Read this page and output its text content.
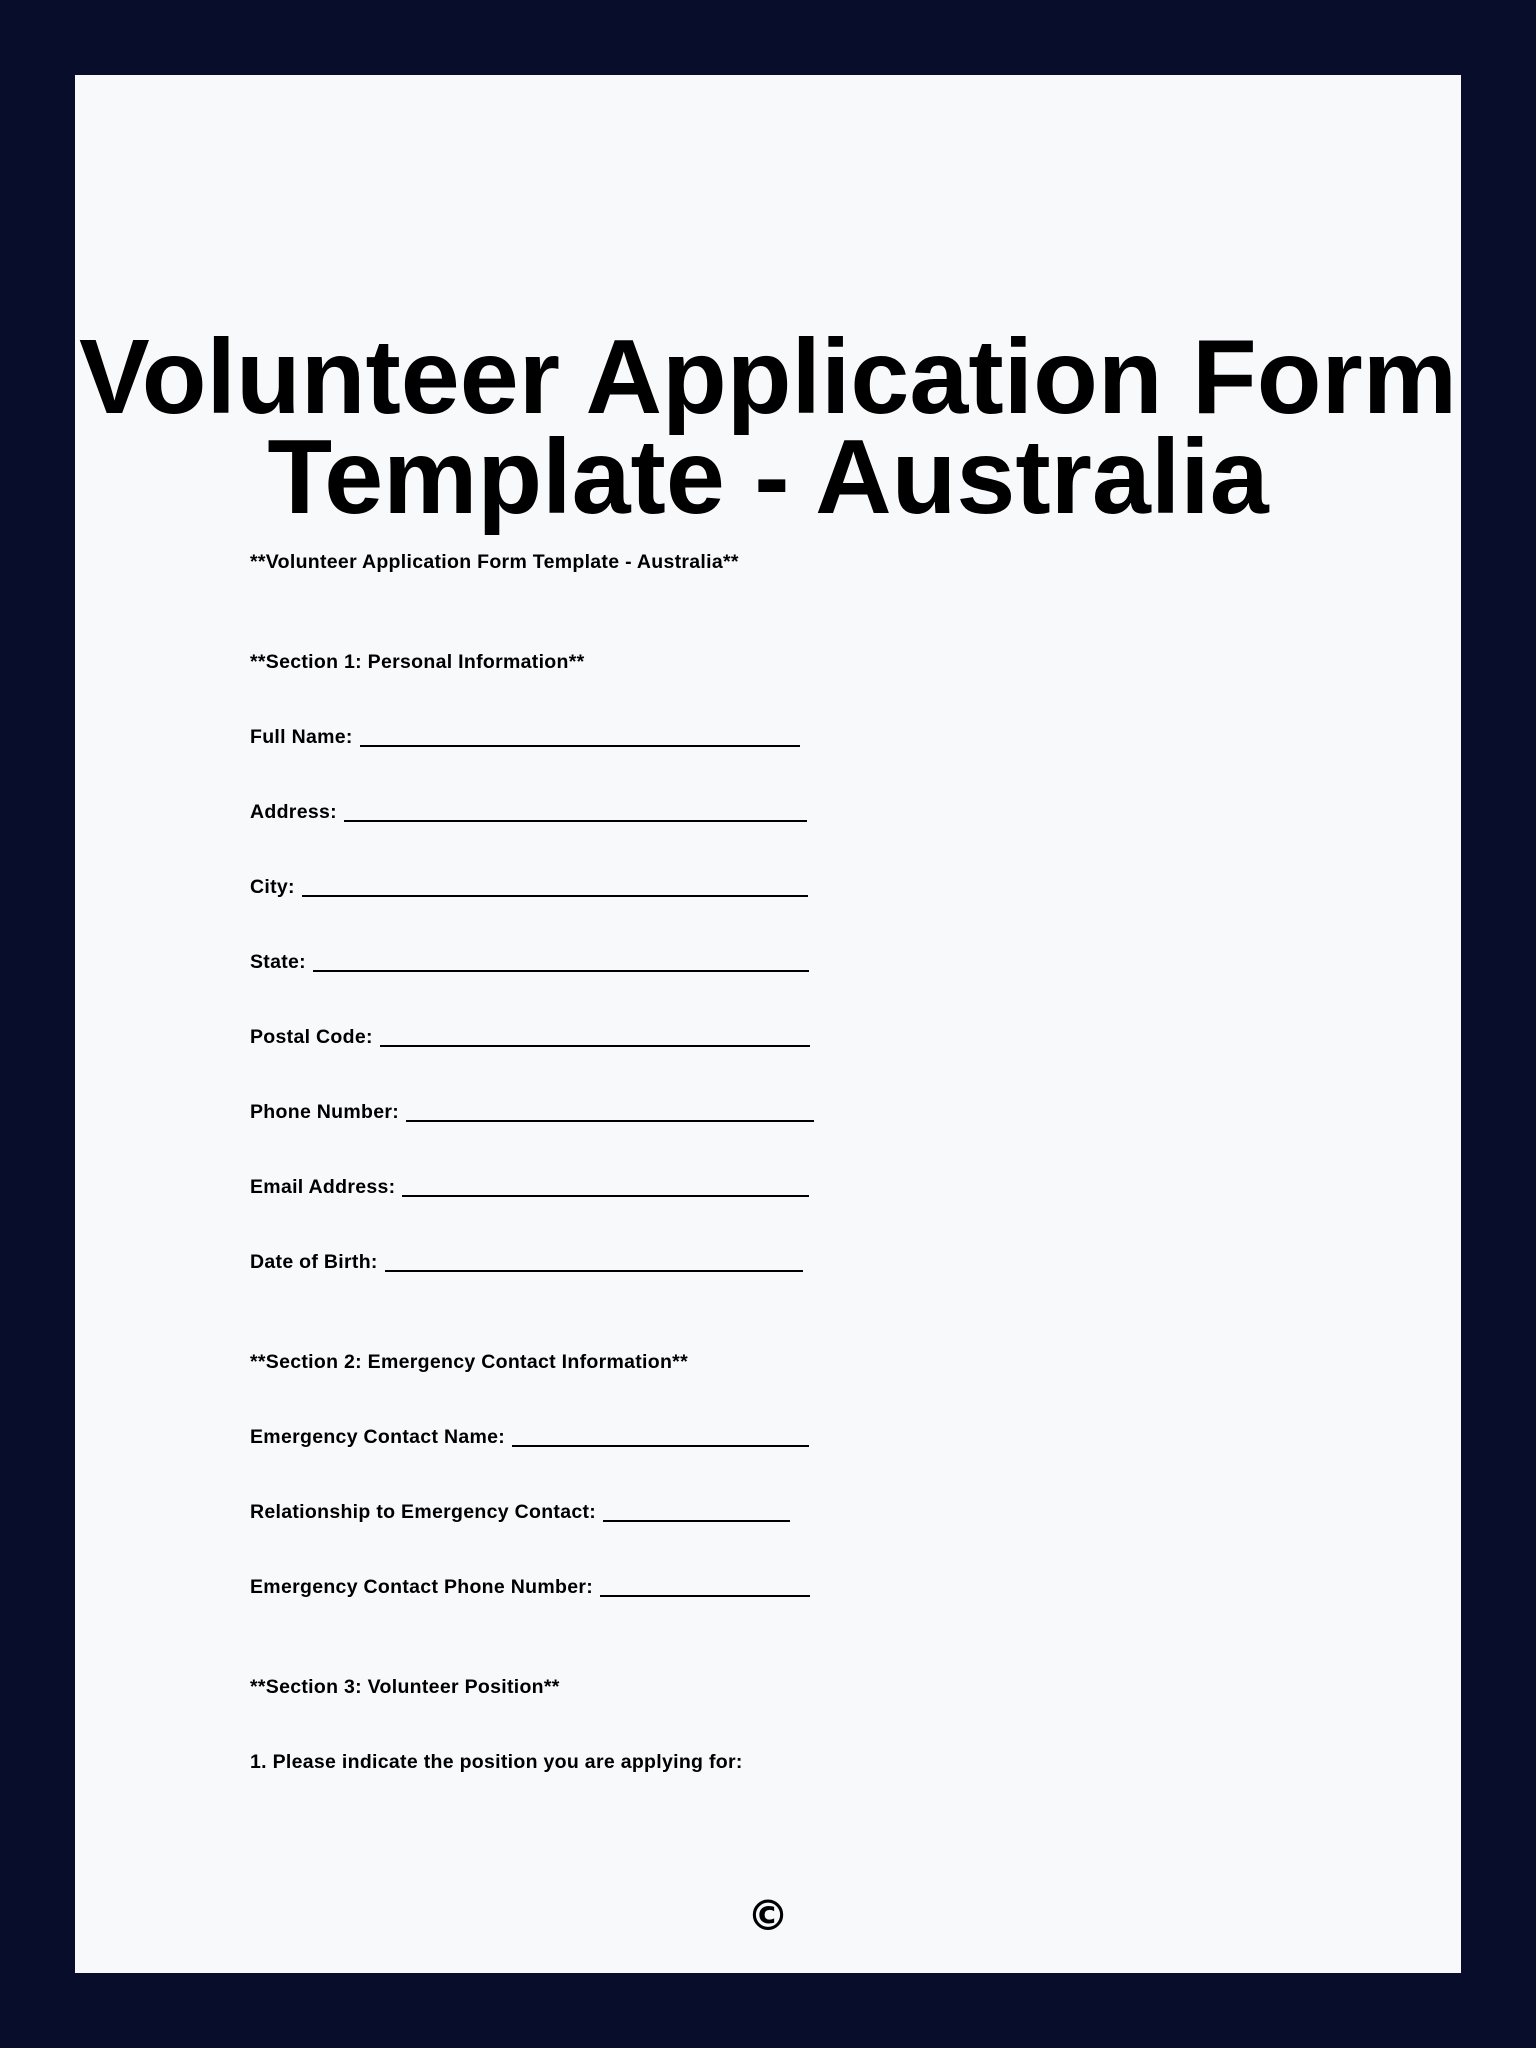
Volunteer Application Form Template - Australia
**Volunteer Application Form Template - Australia**
**Section 1: Personal Information**
Full Name:
Address:
City:
State:
Postal Code:
Phone Number:
Email Address:
Date of Birth:
**Section 2: Emergency Contact Information**
Emergency Contact Name:
Relationship to Emergency Contact:
Emergency Contact Phone Number:
**Section 3: Volunteer Position**
1. Please indicate the position you are applying for:
©
